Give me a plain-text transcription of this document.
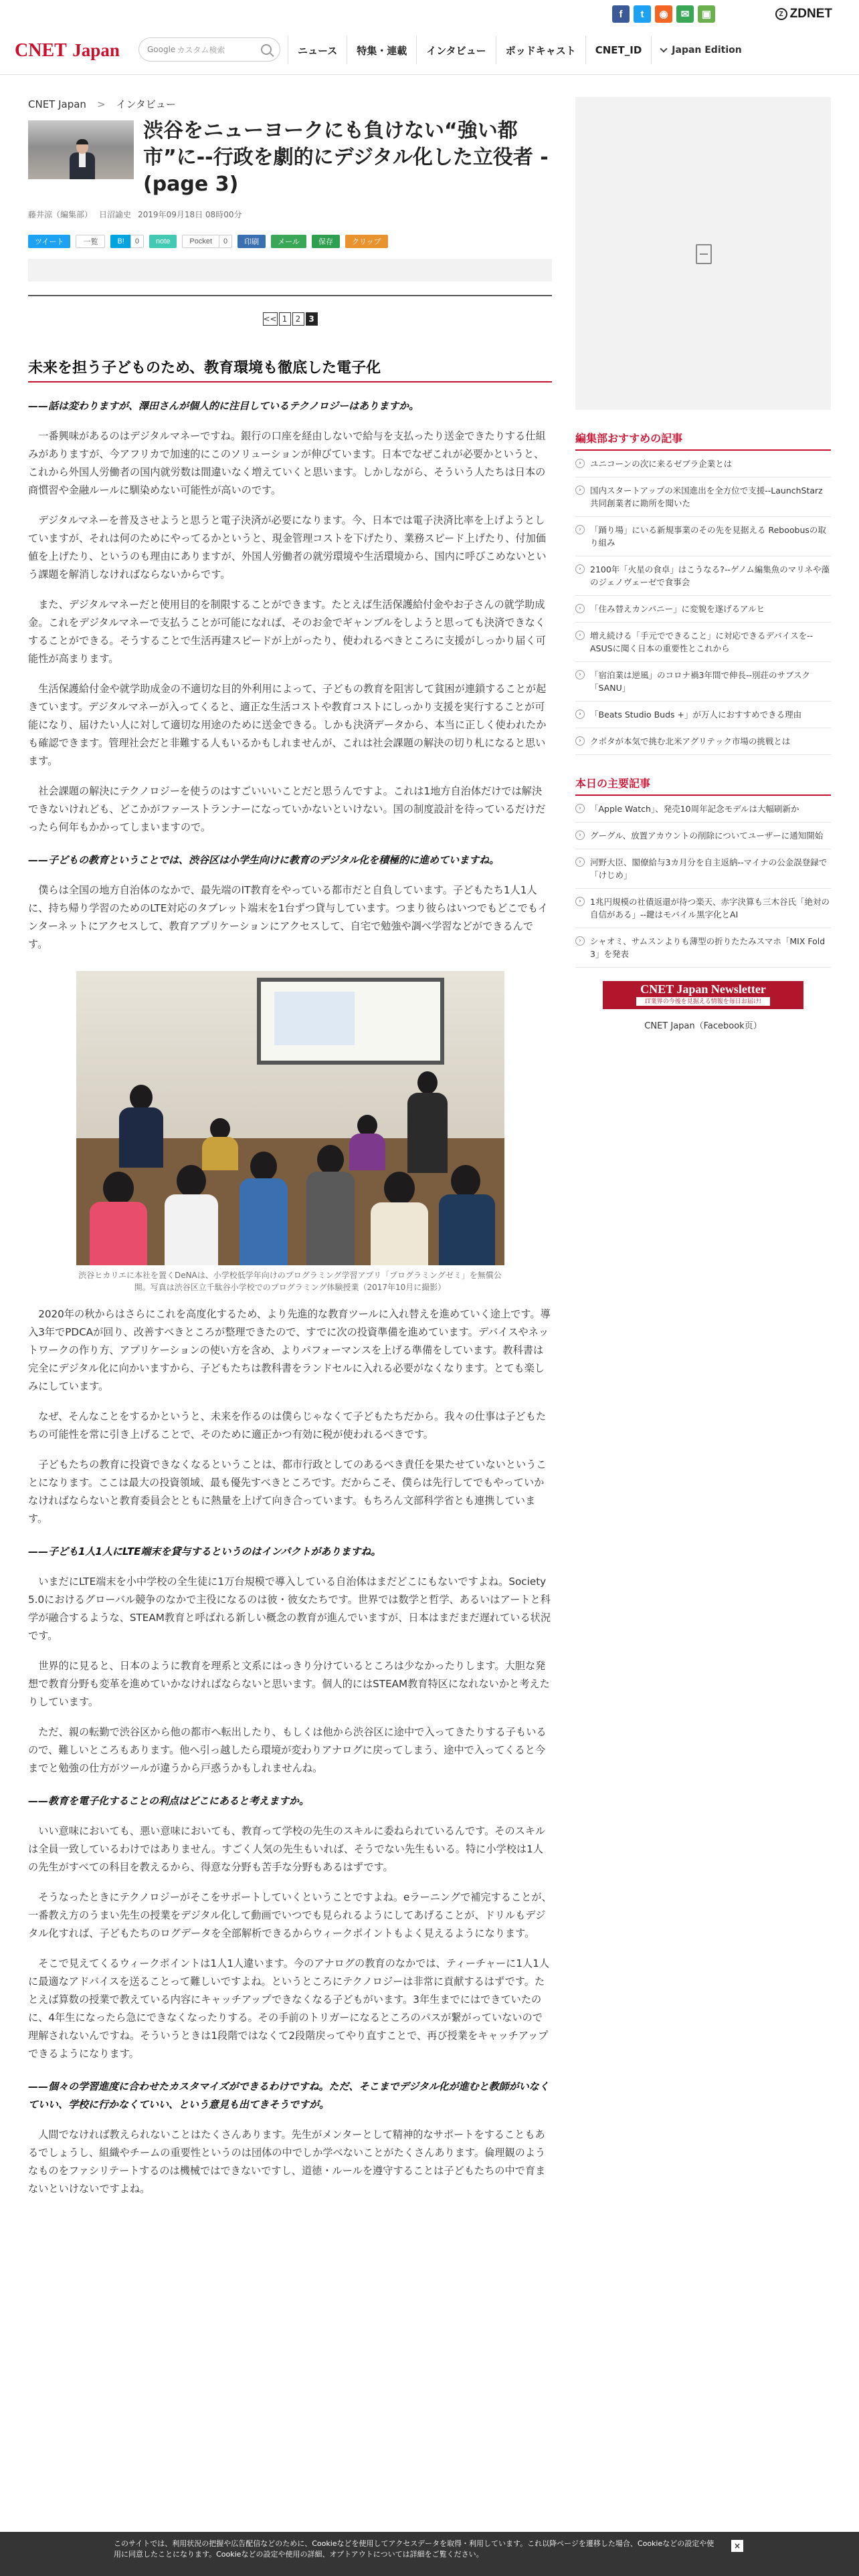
f	t	◉	✉	▣	Z ZDNET
CNET Japan	Google カスタム検索	ニュース	特集・連載	インタビュー	ポッドキャスト	CNET_ID	Japan Edition
CNET Japan > インタビュー
渋谷をニューヨークにも負けない“強い都市”に--行政を劇的にデジタル化した立役者 - (page 3)
藤井涼（編集部） 日沼諭史 2019年09月18日 08時00分
ツイート	一覧	B!	0	note	Pocket	0	印刷	メール	保存	クリップ
<< 1	2	3
未来を担う子どものため、教育環境も徹底した電子化

——話は変わりますが、澤田さんが個人的に注目しているテクノロジーはありますか。

一番興味があるのはデジタルマネーですね。銀行の口座を経由しないで給与を支払ったり送金できたりする仕組みがありますが、今アフリカで加速的にこのソリューションが伸びています。日本でなぜこれが必要かというと、これから外国人労働者の国内就労数は間違いなく増えていくと思います。しかしながら、そういう人たちは日本の商慣習や金融ルールに馴染めない可能性が高いのです。

デジタルマネーを普及させようと思うと電子決済が必要になります。今、日本では電子決済比率を上げようとしていますが、それは何のためにやってるかというと、現金管理コストを下げたり、業務スピード上げたり、付加価値を上げたり、というのも理由にありますが、外国人労働者の就労環境や生活環境から、国内に呼びこめないという課題を解消しなければならないからです。

また、デジタルマネーだと使用目的を制限することができます。たとえば生活保護給付金やお子さんの就学助成金。これをデジタルマネーで支払うことが可能になれば、そのお金でギャンブルをしようと思っても決済できなくすることができる。そうすることで生活再建スピードが上がったり、使われるべきところに支援がしっかり届く可能性が高まります。

生活保護給付金や就学助成金の不適切な目的外利用によって、子どもの教育を阻害して貧困が連鎖することが起きています。デジタルマネーが入ってくると、適正な生活コストや教育コストにしっかり支援を実行することが可能になり、届けたい人に対して適切な用途のために送金できる。しかも決済データから、本当に正しく使われたかも確認できます。管理社会だと非難する人もいるかもしれませんが、これは社会課題の解決の切り札になると思います。

社会課題の解決にテクノロジーを使うのはすごいいいことだと思うんですよ。これは1地方自治体だけでは解決できないけれども、どこかがファーストランナーになっていかないといけない。国の制度設計を待っているだけだったら何年もかかってしまいますので。

——子どもの教育ということでは、渋谷区は小学生向けに教育のデジタル化を積極的に進めていますね。

僕らは全国の地方自治体のなかで、最先端のIT教育をやっている都市だと自負しています。子どもたち1人1人に、持ち帰り学習のためのLTE対応のタブレット端末を1台ずつ貸与しています。つまり彼らはいつでもどこでもインターネットにアクセスして、教育アプリケーションにアクセスして、自宅で勉強や調べ学習などができるんです。

渋谷ヒカリエに本社を置くDeNAは、小学校低学年向けのプログラミング学習アプリ「プログラミングゼミ」を無償公開。写真は渋谷区立千駄谷小学校でのプログラミング体験授業（2017年10月に撮影）

2020年の秋からはさらにこれを高度化するため、より先進的な教育ツールに入れ替えを進めていく途上です。導入3年でPDCAが回り、改善すべきところが整理できたので、すでに次の投資準備を進めています。デバイスやネットワークの作り方、アプリケーションの使い方を含め、よりパフォーマンスを上げる準備をしています。教科書は完全にデジタル化に向かいますから、子どもたちは教科書をランドセルに入れる必要がなくなります。とても楽しみにしています。

なぜ、そんなことをするかというと、未来を作るのは僕らじゃなくて子どもたちだから。我々の仕事は子どもたちの可能性を常に引き上げることで、そのために適正かつ有効に税が使われるべきです。

子どもたちの教育に投資できなくなるということは、都市行政としてのあるべき責任を果たせていないということになります。ここは最大の投資領域、最も優先すべきところです。だからこそ、僕らは先行してでもやっていかなければならないと教育委員会とともに熱量を上げて向き合っています。もちろん文部科学省とも連携しています。

——子ども1人1人にLTE端末を貸与するというのはインパクトがありますね。

いまだにLTE端末を小中学校の全生徒に1万台規模で導入している自治体はまだどこにもないですよね。Society 5.0におけるグローバル競争のなかで主役になるのは彼・彼女たちです。世界では数学と哲学、あるいはアートと科学が融合するような、STEAM教育と呼ばれる新しい概念の教育が進んでいますが、日本はまだまだ遅れている状況です。

世界的に見ると、日本のように教育を理系と文系にはっきり分けているところは少なかったりします。大胆な発想で教育分野も変革を進めていかなければならないと思います。個人的にはSTEAM教育特区になれないかと考えたりしています。

ただ、親の転勤で渋谷区から他の都市へ転出したり、もしくは他から渋谷区に途中で入ってきたりする子もいるので、難しいところもあります。他へ引っ越したら環境が変わりアナログに戻ってしまう、途中で入ってくると今までと勉強の仕方がツールが違うから戸惑うかもしれませんね。

——教育を電子化することの利点はどこにあると考えますか。

いい意味においても、悪い意味においても、教育って学校の先生のスキルに委ねられているんです。そのスキルは全員一致しているわけではありません。すごく人気の先生もいれば、そうでない先生もいる。特に小学校は1人の先生がすべての科目を教えるから、得意な分野も苦手な分野もあるはずです。

そうなったときにテクノロジーがそこをサポートしていくということですよね。eラーニングで補完することが、一番教え方のうまい先生の授業をデジタル化して動画でいつでも見られるようにしてあげることが、ドリルもデジタル化すれば、子どもたちのログデータを全部解析できるからウィークポイントもよく見えるようになります。

そこで見えてくるウィークポイントは1人1人違います。今のアナログの教育のなかでは、ティーチャーに1人1人に最適なアドバイスを送ることって難しいですよね。というところにテクノロジーは非常に貢献するはずです。たとえば算数の授業で教えている内容にキャッチアップできなくなる子どもがいます。3年生までにはできていたのに、4年生になったら急にできなくなったりする。その手前のトリガーになるところのパスが繋がっていないので理解されないんですね。そういうときは1段階ではなくて2段階戻ってやり直すことで、再び授業をキャッチアップできるようになります。

——個々の学習進度に合わせたカスタマイズができるわけですね。ただ、そこまでデジタル化が進むと教師がいなくていい、学校に行かなくていい、という意見も出てきそうですが。

人間でなければ教えられないことはたくさんあります。先生がメンターとして精神的なサポートをすることもあるでしょうし、組織やチームの重要性というのは団体の中でしか学べないことがたくさんあります。倫理観のようなものをファシリテートするのは機械ではできないですし、道徳・ルールを遵守することは子どもたちの中で育まないといけないですよね。

編集部おすすめの記事
›	ユニコーンの次に来るゼブラ企業とは
›	国内スタートアップの米国進出を全方位で支援--LaunchStarz共同創業者に勘所を聞いた
›	「踊り場」にいる新規事業のその先を見据える Reboobusの取り組み
›	2100年「火星の食卓」はこうなる?--ゲノム編集魚のマリネや藻のジェノヴェーゼで食事会
›	「住み替えカンパニー」に変貌を遂げるアルヒ
›	増え続ける「手元でできること」に対応できるデバイスを--ASUSに聞く日本の重要性とこれから
›	「宿泊業は逆風」のコロナ禍3年間で伸長--別荘のサブスク「SANU」
›	「Beats Studio Buds +」が万人におすすめできる理由
›	クボタが本気で挑む北米アグリテック市場の挑戦とは
本日の主要記事
›	「Apple Watch」、発売10周年記念モデルは大幅刷新か
›	グーグル、放置アカウントの削除についてユーザーに通知開始
›	河野大臣、閣僚給与3カ月分を自主返納--マイナの公金誤登録で「けじめ」
›	1兆円規模の社債返還が待つ楽天、赤字決算も三木谷氏「絶対の自信がある」--鍵はモバイル黒字化とAI
›	シャオミ、サムスンよりも薄型の折りたたみスマホ「MIX Fold 3」を発表
CNET Japan Newsletter
IT業界の今後を見据える情報を毎日お届け!
CNET Japan（Facebook页）
このサイトでは、利用状況の把握や広告配信などのために、Cookieなどを使用してアクセスデータを取得・利用しています。これ以降ページを遷移した場合、Cookieなどの設定や使用に同意したことになります。Cookieなどの設定や使用の詳細、オプトアウトについては詳細をご覧ください。
×
